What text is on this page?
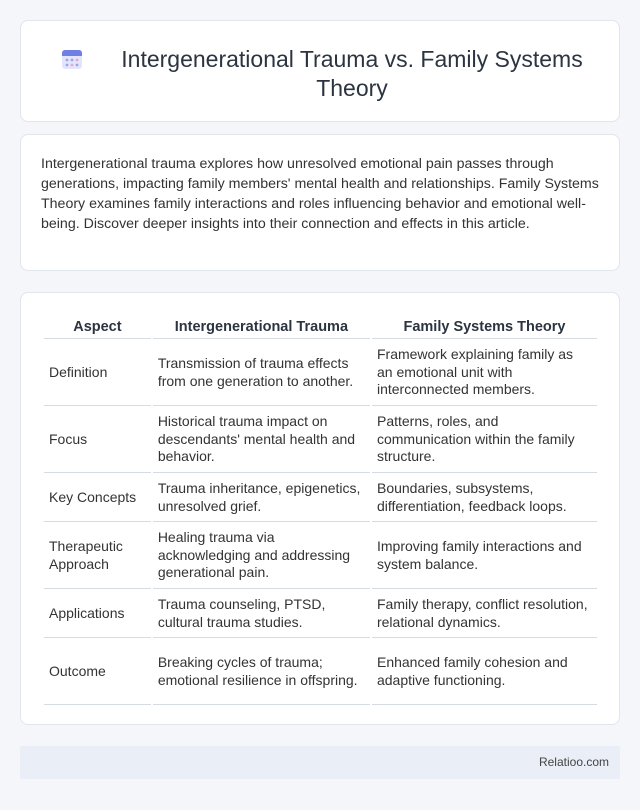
Intergenerational Trauma vs. Family Systems Theory

Intergenerational trauma explores how unresolved emotional pain passes through generations, impacting family members' mental health and relationships. Family Systems Theory examines family interactions and roles influencing behavior and emotional well-being. Discover deeper insights into their connection and effects in this article.

Aspect	Intergenerational Trauma	Family Systems Theory
Definition	Transmission of trauma effects from one generation to another.	Framework explaining family as an emotional unit with interconnected members.
Focus	Historical trauma impact on descendants' mental health and behavior.	Patterns, roles, and communication within the family structure.
Key Concepts	Trauma inheritance, epigenetics, unresolved grief.	Boundaries, subsystems, differentiation, feedback loops.
Therapeutic Approach	Healing trauma via acknowledging and addressing generational pain.	Improving family interactions and system balance.
Applications	Trauma counseling, PTSD, cultural trauma studies.	Family therapy, conflict resolution, relational dynamics.
Outcome	Breaking cycles of trauma; emotional resilience in offspring.	Enhanced family cohesion and adaptive functioning.
Relatioo.com
